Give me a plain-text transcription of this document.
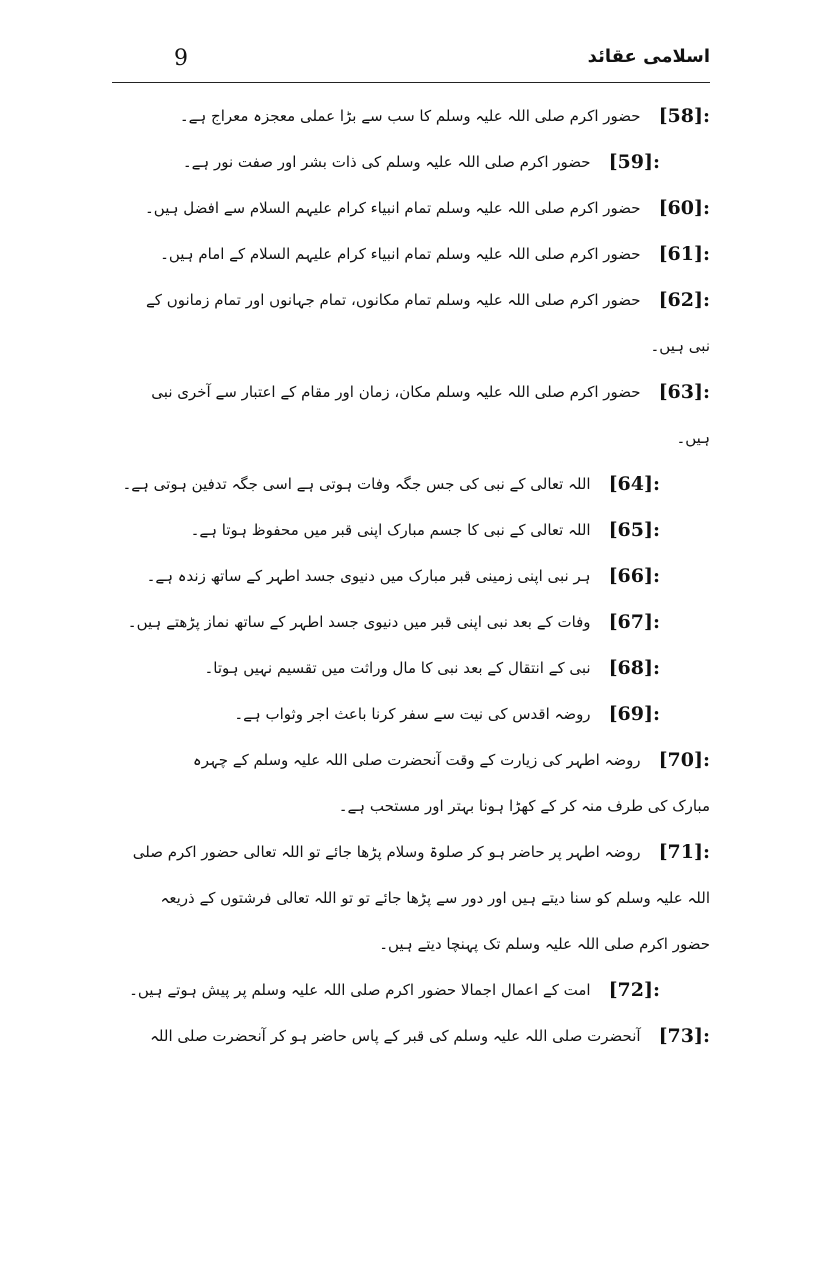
9	اسلامی عقائد
[58]:
حضور اکرم صلی اللہ علیہ وسلم کا سب سے بڑا عملی معجزہ معراج ہے۔
[59]:
حضور اکرم صلی اللہ علیہ وسلم کی ذات بشر اور صفت نور ہے۔
[60]:
حضور اکرم صلی اللہ علیہ وسلم تمام انبیاء کرام علیہم السلام سے افضل ہیں۔
[61]:
حضور اکرم صلی اللہ علیہ وسلم تمام انبیاء کرام علیہم السلام کے امام ہیں۔
[62]:
حضور اکرم صلی اللہ علیہ وسلم تمام مکانوں، تمام جہانوں اور تمام زمانوں کے
نبی ہیں۔
[63]:
حضور اکرم صلی اللہ علیہ وسلم مکان، زمان اور مقام کے اعتبار سے آخری نبی
ہیں۔
[64]:
اللہ تعالی کے نبی کی جس جگہ وفات ہوتی ہے اسی جگہ تدفین ہوتی ہے۔
[65]:
اللہ تعالی کے نبی کا جسم مبارک اپنی قبر میں محفوظ ہوتا ہے۔
[66]:
ہر نبی اپنی زمینی قبر مبارک میں دنیوی جسد اطہر کے ساتھ زندہ ہے۔
[67]:
وفات کے بعد نبی اپنی قبر میں دنیوی جسد اطہر کے ساتھ نماز پڑھتے ہیں۔
[68]:
نبی کے انتقال کے بعد نبی کا مال وراثت میں تقسیم نہیں ہوتا۔
[69]:
روضہ اقدس کی نیت سے سفر کرنا باعث اجر وثواب ہے۔
[70]:
روضہ اطہر کی زیارت کے وقت آنحضرت صلی اللہ علیہ وسلم کے چہرہ
مبارک کی طرف منہ کر کے کھڑا ہونا بہتر اور مستحب ہے۔
[71]:
روضہ اطہر پر حاضر ہو کر صلوۃ وسلام پڑھا جائے تو اللہ تعالی حضور اکرم صلی
اللہ علیہ وسلم کو سنا دیتے ہیں اور دور سے پڑھا جائے تو تو اللہ تعالی فرشتوں کے ذریعہ
حضور اکرم صلی اللہ علیہ وسلم تک پہنچا دیتے ہیں۔
[72]:
امت کے اعمال اجمالا حضور اکرم صلی اللہ علیہ وسلم پر پیش ہوتے ہیں۔
[73]:
آنحضرت صلی اللہ علیہ وسلم کی قبر کے پاس حاضر ہو کر آنحضرت صلی اللہ
